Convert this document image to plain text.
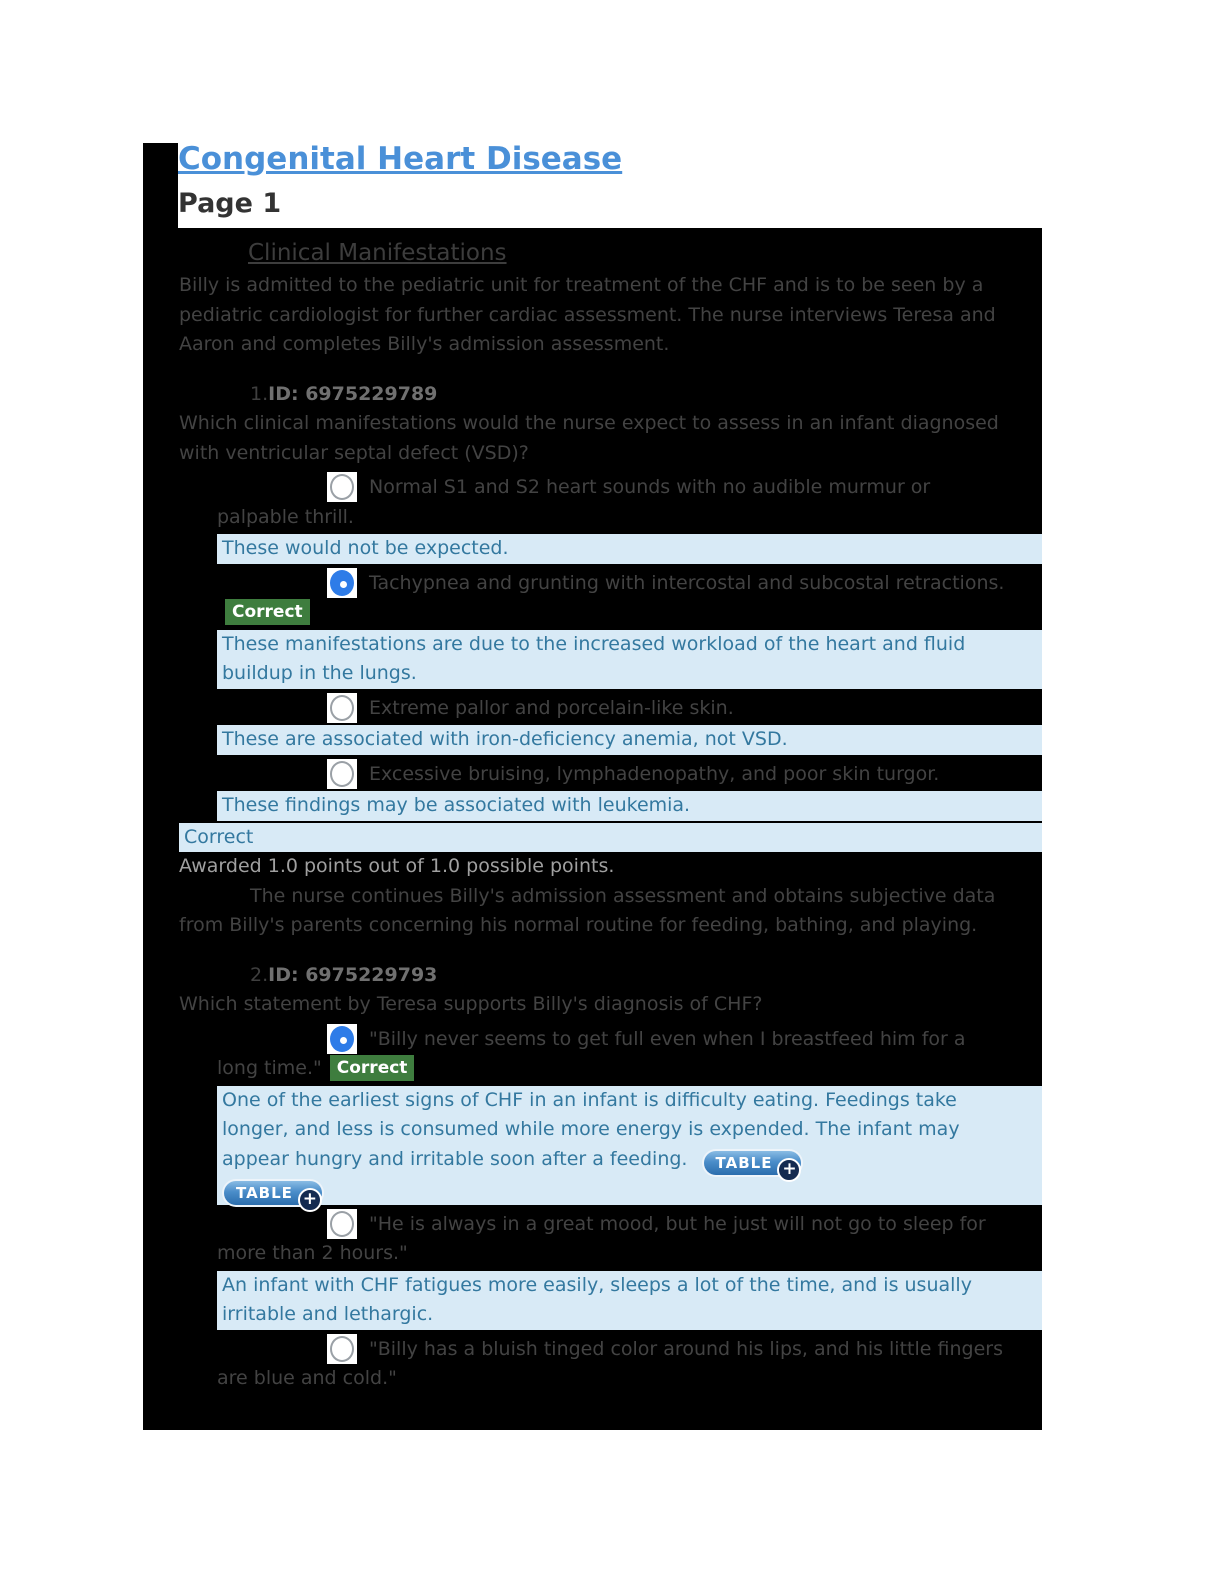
Congenital Heart Disease
Page 1
Clinical Manifestations

Billy is admitted to the pediatric unit for treatment of the CHF and is to be seen by a pediatric cardiologist for further cardiac assessment. The nurse interviews Teresa and Aaron and completes Billy's admission assessment.

1.ID: 6975229789

Which clinical manifestations would the nurse expect to assess in an infant diagnosed with ventricular septal defect (VSD)?

Normal S1 and S2 heart sounds with no audible murmur or palpable thrill.
These would not be expected.
Tachypnea and grunting with intercostal and subcostal retractions.Correct
These manifestations are due to the increased workload of the heart and fluid buildup in the lungs.
Extreme pallor and porcelain-like skin.
These are associated with iron-deficiency anemia, not VSD.
Excessive bruising, lymphadenopathy, and poor skin turgor.
These findings may be associated with leukemia.
Correct

Awarded 1.0 points out of 1.0 possible points.

The nurse continues Billy's admission assessment and obtains subjective data from Billy's parents concerning his normal routine for feeding, bathing, and playing.

2.ID: 6975229793

Which statement by Teresa supports Billy's diagnosis of CHF?

"Billy never seems to get full even when I breastfeed him for a long time." Correct
One of the earliest signs of CHF in an infant is difficulty eating. Feedings take longer, and less is consumed while more energy is expended. The infant may appear hungry and irritable soon after a feeding. TABLE +
TABLE +
"He is always in a great mood, but he just will not go to sleep for more than 2 hours."
An infant with CHF fatigues more easily, sleeps a lot of the time, and is usually irritable and lethargic.
"Billy has a bluish tinged color around his lips, and his little fingers are blue and cold."
